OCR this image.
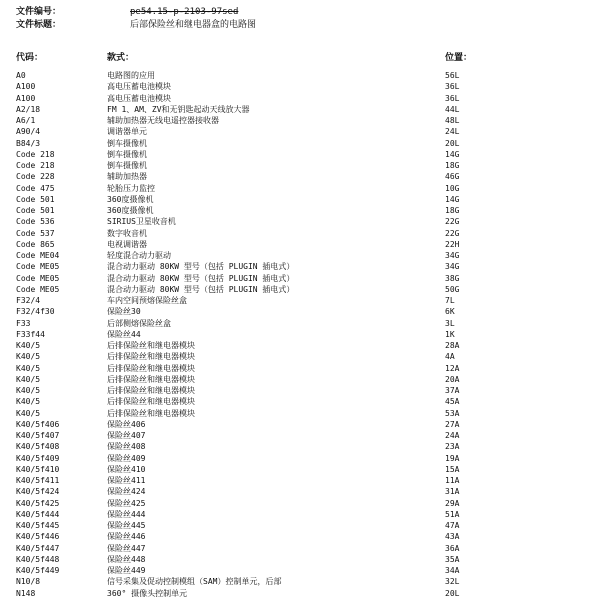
文件编号：	pe54.15-p-2103-97sed
文件标题：	后部保险丝和继电器盒的电路图
代码：	款式：	位置：
A0	电路图的应用	56L
A100	高电压蓄电池模块	36L
A100	高电压蓄电池模块	36L
A2/18	FM 1、AM、ZV和无钥匙起动天线放大器	44L
A6/1	辅助加热器无线电遥控器接收器	48L
A90/4	调谐器单元	24L
B84/3	倒车摄像机	20L
Code 218	倒车摄像机	14G
Code 218	倒车摄像机	18G
Code 228	辅助加热器	46G
Code 475	轮胎压力监控	10G
Code 501	360度摄像机	14G
Code 501	360度摄像机	18G
Code 536	SIRIUS卫星收音机	22G
Code 537	数字收音机	22G
Code 865	电视调谐器	22H
Code ME04	轻度混合动力驱动	34G
Code ME05	混合动力驱动 80KW 型号（包括 PLUGIN 插电式）	34G
Code ME05	混合动力驱动 80KW 型号（包括 PLUGIN 插电式）	38G
Code ME05	混合动力驱动 80KW 型号（包括 PLUGIN 插电式）	50G
F32/4	车内空间预熔保险丝盒	7L
F32/4f30	保险丝30	6K
F33	后部侧熔保险丝盒	3L
F33f44	保险丝44	1K
K40/5	后排保险丝和继电器模块	28A
K40/5	后排保险丝和继电器模块	4A
K40/5	后排保险丝和继电器模块	12A
K40/5	后排保险丝和继电器模块	20A
K40/5	后排保险丝和继电器模块	37A
K40/5	后排保险丝和继电器模块	45A
K40/5	后排保险丝和继电器模块	53A
K40/5f406	保险丝406	27A
K40/5f407	保险丝407	24A
K40/5f408	保险丝408	23A
K40/5f409	保险丝409	19A
K40/5f410	保险丝410	15A
K40/5f411	保险丝411	11A
K40/5f424	保险丝424	31A
K40/5f425	保险丝425	29A
K40/5f444	保险丝444	51A
K40/5f445	保险丝445	47A
K40/5f446	保险丝446	43A
K40/5f447	保险丝447	36A
K40/5f448	保险丝448	35A
K40/5f449	保险丝449	34A
N10/8	信号采集及促动控制模组（SAM）控制单元，后部	32L
N148	360° 摄像头控制单元	20L
